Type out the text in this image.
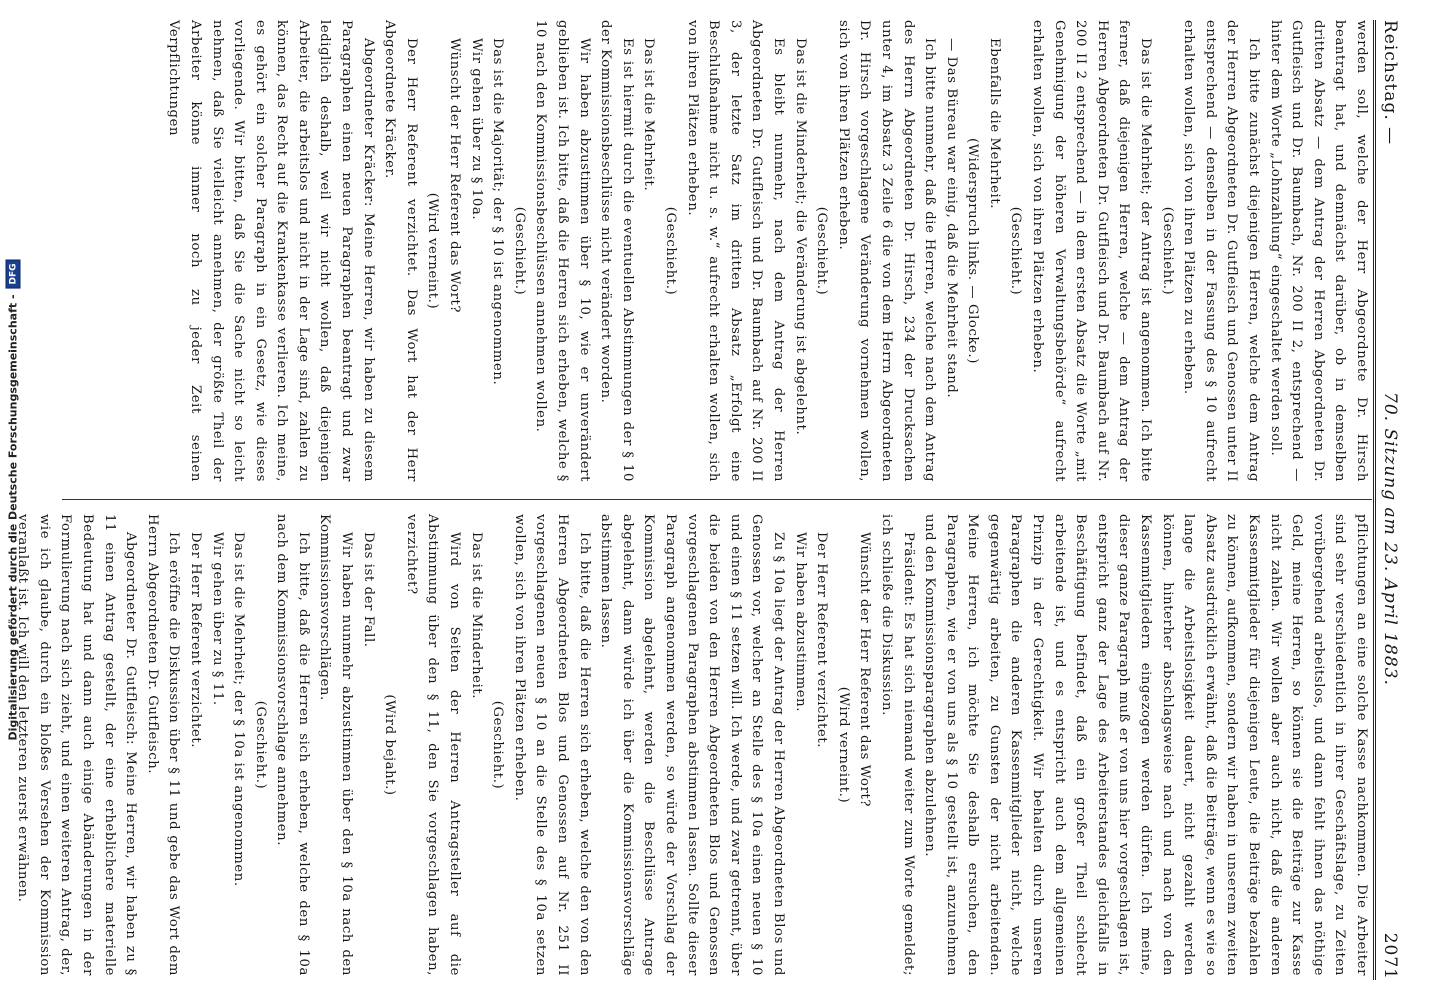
Digitalisierung gefördert durch die Deutsche Forschungsgemeinschaft -
DFG
Reichstag. —
70. Sitzung am 23. April 1883.
2071

werden soll, welche der Herr Abgeordnete Dr. Hirsch beantragt hat, und demnächst darüber, ob in demselben dritten Absatz — dem Antrag der Herren Abgeordneten Dr. Gutfleisch und Dr. Baumbach, Nr. 200 II 2, entsprechend — hinter dem Worte „Lohnzahlung“ eingeschaltet werden soll.

Ich bitte zunächst diejenigen Herren, welche dem Antrag der Herren Abgeordneten Dr. Gutfleisch und Genossen unter II entsprechend — denselben in der Fassung des § 10 aufrecht erhalten wollen, sich von ihren Plätzen zu erheben.

(Geschieht.)

Das ist die Mehrheit; der Antrag ist angenommen. Ich bitte ferner, daß diejenigen Herren, welche — dem Antrag der Herren Abgeordneten Dr. Gutfleisch und Dr. Baumbach auf Nr. 200 II 2 entsprechend — in dem ersten Absatz die Worte „mit Genehmigung der höheren Verwaltungsbehörde“ aufrecht erhalten wollen, sich von ihren Plätzen erheben.

(Geschieht.)

Ebenfalls die Mehrheit.

(Widerspruch links. — Glocke.)

— Das Büreau war einig, daß die Mehrheit stand.

Ich bitte nunmehr, daß die Herren, welche nach dem Antrag des Herrn Abgeordneten Dr. Hirsch, 234 der Drucksachen unter 4, im Absatz 3 Zeile 6 die von dem Herrn Abgeordneten Dr. Hirsch vorgeschlagene Veränderung vornehmen wollen, sich von ihren Plätzen erheben.

(Geschieht.)

Das ist die Minderheit; die Veränderung ist abgelehnt.

Es bleibt nunmehr, nach dem Antrag der Herren Abgeordneten Dr. Gutfleisch und Dr. Baumbach auf Nr. 200 II 3, der letzte Satz im dritten Absatz „Erfolgt eine Beschlußnahme nicht u. s. w.“ aufrecht erhalten wollen, sich von ihren Plätzen erheben.

(Geschieht.)

Das ist die Mehrheit.

Es ist hiermit durch die eventuellen Abstimmungen der § 10 der Kommissionsbeschlüsse nicht verändert worden.

Wir haben abzustimmen über § 10, wie er unverändert geblieben ist. Ich bitte, daß die Herren sich erheben, welche § 10 nach den Kommissionsbeschlüssen annehmen wollen.

(Geschieht.)

Das ist die Majorität; der § 10 ist angenommen.

Wir gehen über zu § 10a.

Wünscht der Herr Referent das Wort?

(Wird verneint.)

Der Herr Referent verzichtet. Das Wort hat der Herr Abgeordnete Kräcker.

Abgeordneter Kräcker: Meine Herren, wir haben zu diesem Paragraphen einen neuen Paragraphen beantragt und zwar lediglich deshalb, weil wir nicht wollen, daß diejenigen Arbeiter, die arbeitslos und nicht in der Lage sind, zahlen zu können, das Recht auf die Krankenkasse verlieren. Ich meine, es gehört ein solcher Paragraph in ein Gesetz, wie dieses vorliegende. Wir bitten, daß Sie die Sache nicht so leicht nehmen, daß Sie vielleicht annehmen, der größte Theil der Arbeiter könne immer noch zu jeder Zeit seinen Verpflichtungen

pflichtungen an eine solche Kasse nachkommen. Die Arbeiter sind sehr verschiedentlich in ihrer Geschäftslage, zu Zeiten vorübergehend arbeitslos, und dann fehlt ihnen das nöthige Geld, meine Herren, so können sie die Beiträge zur Kasse nicht zahlen. Wir wollen aber auch nicht, daß die anderen Kassenmitglieder für diejenigen Leute, die Beiträge bezahlen zu können, aufkommen, sondern wir haben in unserem zweiten Absatz ausdrücklich erwähnt, daß die Beiträge, wenn es wie so lange die Arbeitslosigkeit dauert, nicht gezahlt werden können, hinterher abschlagsweise nach und nach von den Kassenmitgliedern eingezogen werden dürfen. Ich meine, dieser ganze Paragraph muß er von uns hier vorgeschlagen ist, entspricht ganz der Lage des Arbeiterstandes gleichfalls in Beschäftigung befindet, daß ein großer Theil schlecht arbeitende ist, und es entspricht auch dem allgemeinen Prinzip in der Gerechtigkeit. Wir behalten durch unseren Paragraphen die anderen Kassenmitglieder nicht, welche gegenwärtig arbeiten, zu Gunsten der nicht arbeitenden. Meine Herren, ich möchte Sie deshalb ersuchen, den Paragraphen, wie er von uns als § 10 gestellt ist, anzunehmen und den Kommissionsparagraphen abzulehnen.

Präsident: Es hat sich niemand weiter zum Worte gemeldet; ich schließe die Diskussion.

Wünscht der Herr Referent das Wort?

(Wird verneint.)

Der Herr Referent verzichtet.

Wir haben abzustimmen.

Zu § 10a liegt der Antrag der Herren Abgeordneten Blos und Genossen vor, welcher an Stelle des § 10a einen neuen § 10 und einen § 11 setzen will. Ich werde, und zwar getrennt, über die beiden von den Herren Abgeordneten Blos und Genossen vorgeschlagenen Paragraphen abstimmen lassen. Sollte dieser Paragraph angenommen werden, so würde der Vorschlag der Kommission abgelehnt, werden die Beschlüsse Antrage abgelehnt, dann würde ich über die Kommissionsvorschläge abstimmen lassen.

Ich bitte, daß die Herren sich erheben, welche den von den Herren Abgeordneten Blos und Genossen auf Nr. 251 II vorgeschlagenen neuen § 10 an die Stelle des § 10a setzen wollen, sich von ihren Plätzen erheben.

(Geschieht.)

Das ist die Minderheit.

Wird von Seiten der Herren Antragsteller auf die Abstimmung über den § 11, den Sie vorgeschlagen haben, verzichtet?

(Wird bejaht.)

Das ist der Fall.

Wir haben nunmehr abzustimmen über den § 10a nach den Kommissionsvorschlägen.

Ich bitte, daß die Herren sich erheben, welche den § 10a nach dem Kommissionsvorschlage annehmen.

(Geschieht.)

Das ist die Mehrheit; der § 10a ist angenommen.

Wir gehen über zu § 11.

Der Herr Referent verzichtet.

Ich eröffne die Diskussion über § 11 und gebe das Wort dem Herrn Abgeordneten Dr. Gutfleisch.

Abgeordneter Dr. Gutfleisch: Meine Herren, wir haben zu § 11 einen Antrag gestellt, der eine erheblichere materielle Bedeutung hat und dann auch einige Abänderungen in der Formulierung nach sich zieht, und einen weiteren Antrag, der, wie ich glaube, durch ein bloßes Versehen der Kommission veranlaßt ist. Ich will den letzteren zuerst erwähnen.
